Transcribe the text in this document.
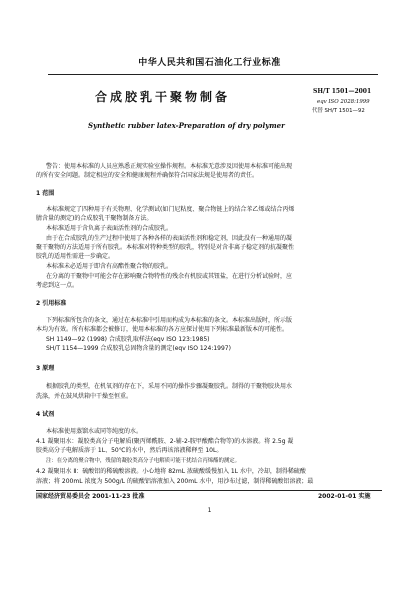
中华人民共和国石油化工行业标准
合成胶乳干聚物制备
Synthetic rubber latex-Preparation of dry polymer
SH/T 1501—2001
eqv ISO 2028:1999
代替 SH/T 1501—92
警告：使用本标准的人员应熟悉正规实验室操作规程。本标准无意涉及因使用本标准可能出现
的所有安全问题。制定相应的安全和健康规程并确保符合国家法规是使用者的责任。
1 范围
本标准规定了四种用于有关物理、化学测试(如门尼粘度、聚合物链上的结合苯乙烯或结合丙烯
腈含量的测定)的合成胶乳干聚物制备方法。
本标准适用于含负离子表面活性剂的合成胶乳。
由于在合成胶乳的生产过程中使用了各种各样的表面活性剂和稳定剂，因此没有一种通用的凝
聚干聚物的方法适用于所有胶乳。本标准对特种类型的胶乳，特别是对含非离子稳定剂的抗凝聚性
胶乳的适用性需进一步确定。
本标准未必适用于即含有高酯性聚合物的胶乳。
在分离的干聚物中可能会存在影响聚合物特性的残余有机胶或其钮盐，在进行分析试验时，应
考虑到这一点。
2 引用标准
下列标准所包含的条文，通过在本标准中引用而构成为本标准的条文。本标准出版时，所示版
本均为有效。所有标准都会被修订，使用本标准的各方应探讨使用下列标准最新版本的可能性。
SH 1149—92 (1998) 合成胶乳取样法(eqv ISO 123:1985)
SH/T 1154—1999 合成胶乳总固物含量的测定(eqv ISO 124:1997)
3 原理
根据胶乳的类型，在机氧剂的存在下，采用不同的操作步骤凝聚胶乳。制得的干聚物胶块用水
洗涤，并在鼓风烘箱中干燥至恒重。
4 试剂
本标准使用蒸馏水或同等纯度的水。
4.1 凝聚用水：凝胶类高分子电解质(聚丙烯酰胺、2-辅-2-胺甲酸酯合物等)的水溶液。将 2.5g 凝
胶类高分子电解质溶于 1L、50℃的水中，然后再该溶液稀释至 10L。
注：在分离的聚合物中，残留的凝胶类高分子电解质可能干扰结合丙烯酯的测定。
4.2 凝聚用水 Ⅱ：硫酸铝的稀硫酸溶液。小心地将 82mL 浓硫酸缓慢加入 1L 水中，冷却，制得稀硫酸
溶液；将 200mL 浓度为 500g/L 的硫酸铝溶液加入 200mL 水中，用沙布过滤，制得稀硫酸铝溶液；最
国家经济贸易委员会 2001-11-23 批准	2002-01-01 实施
1
